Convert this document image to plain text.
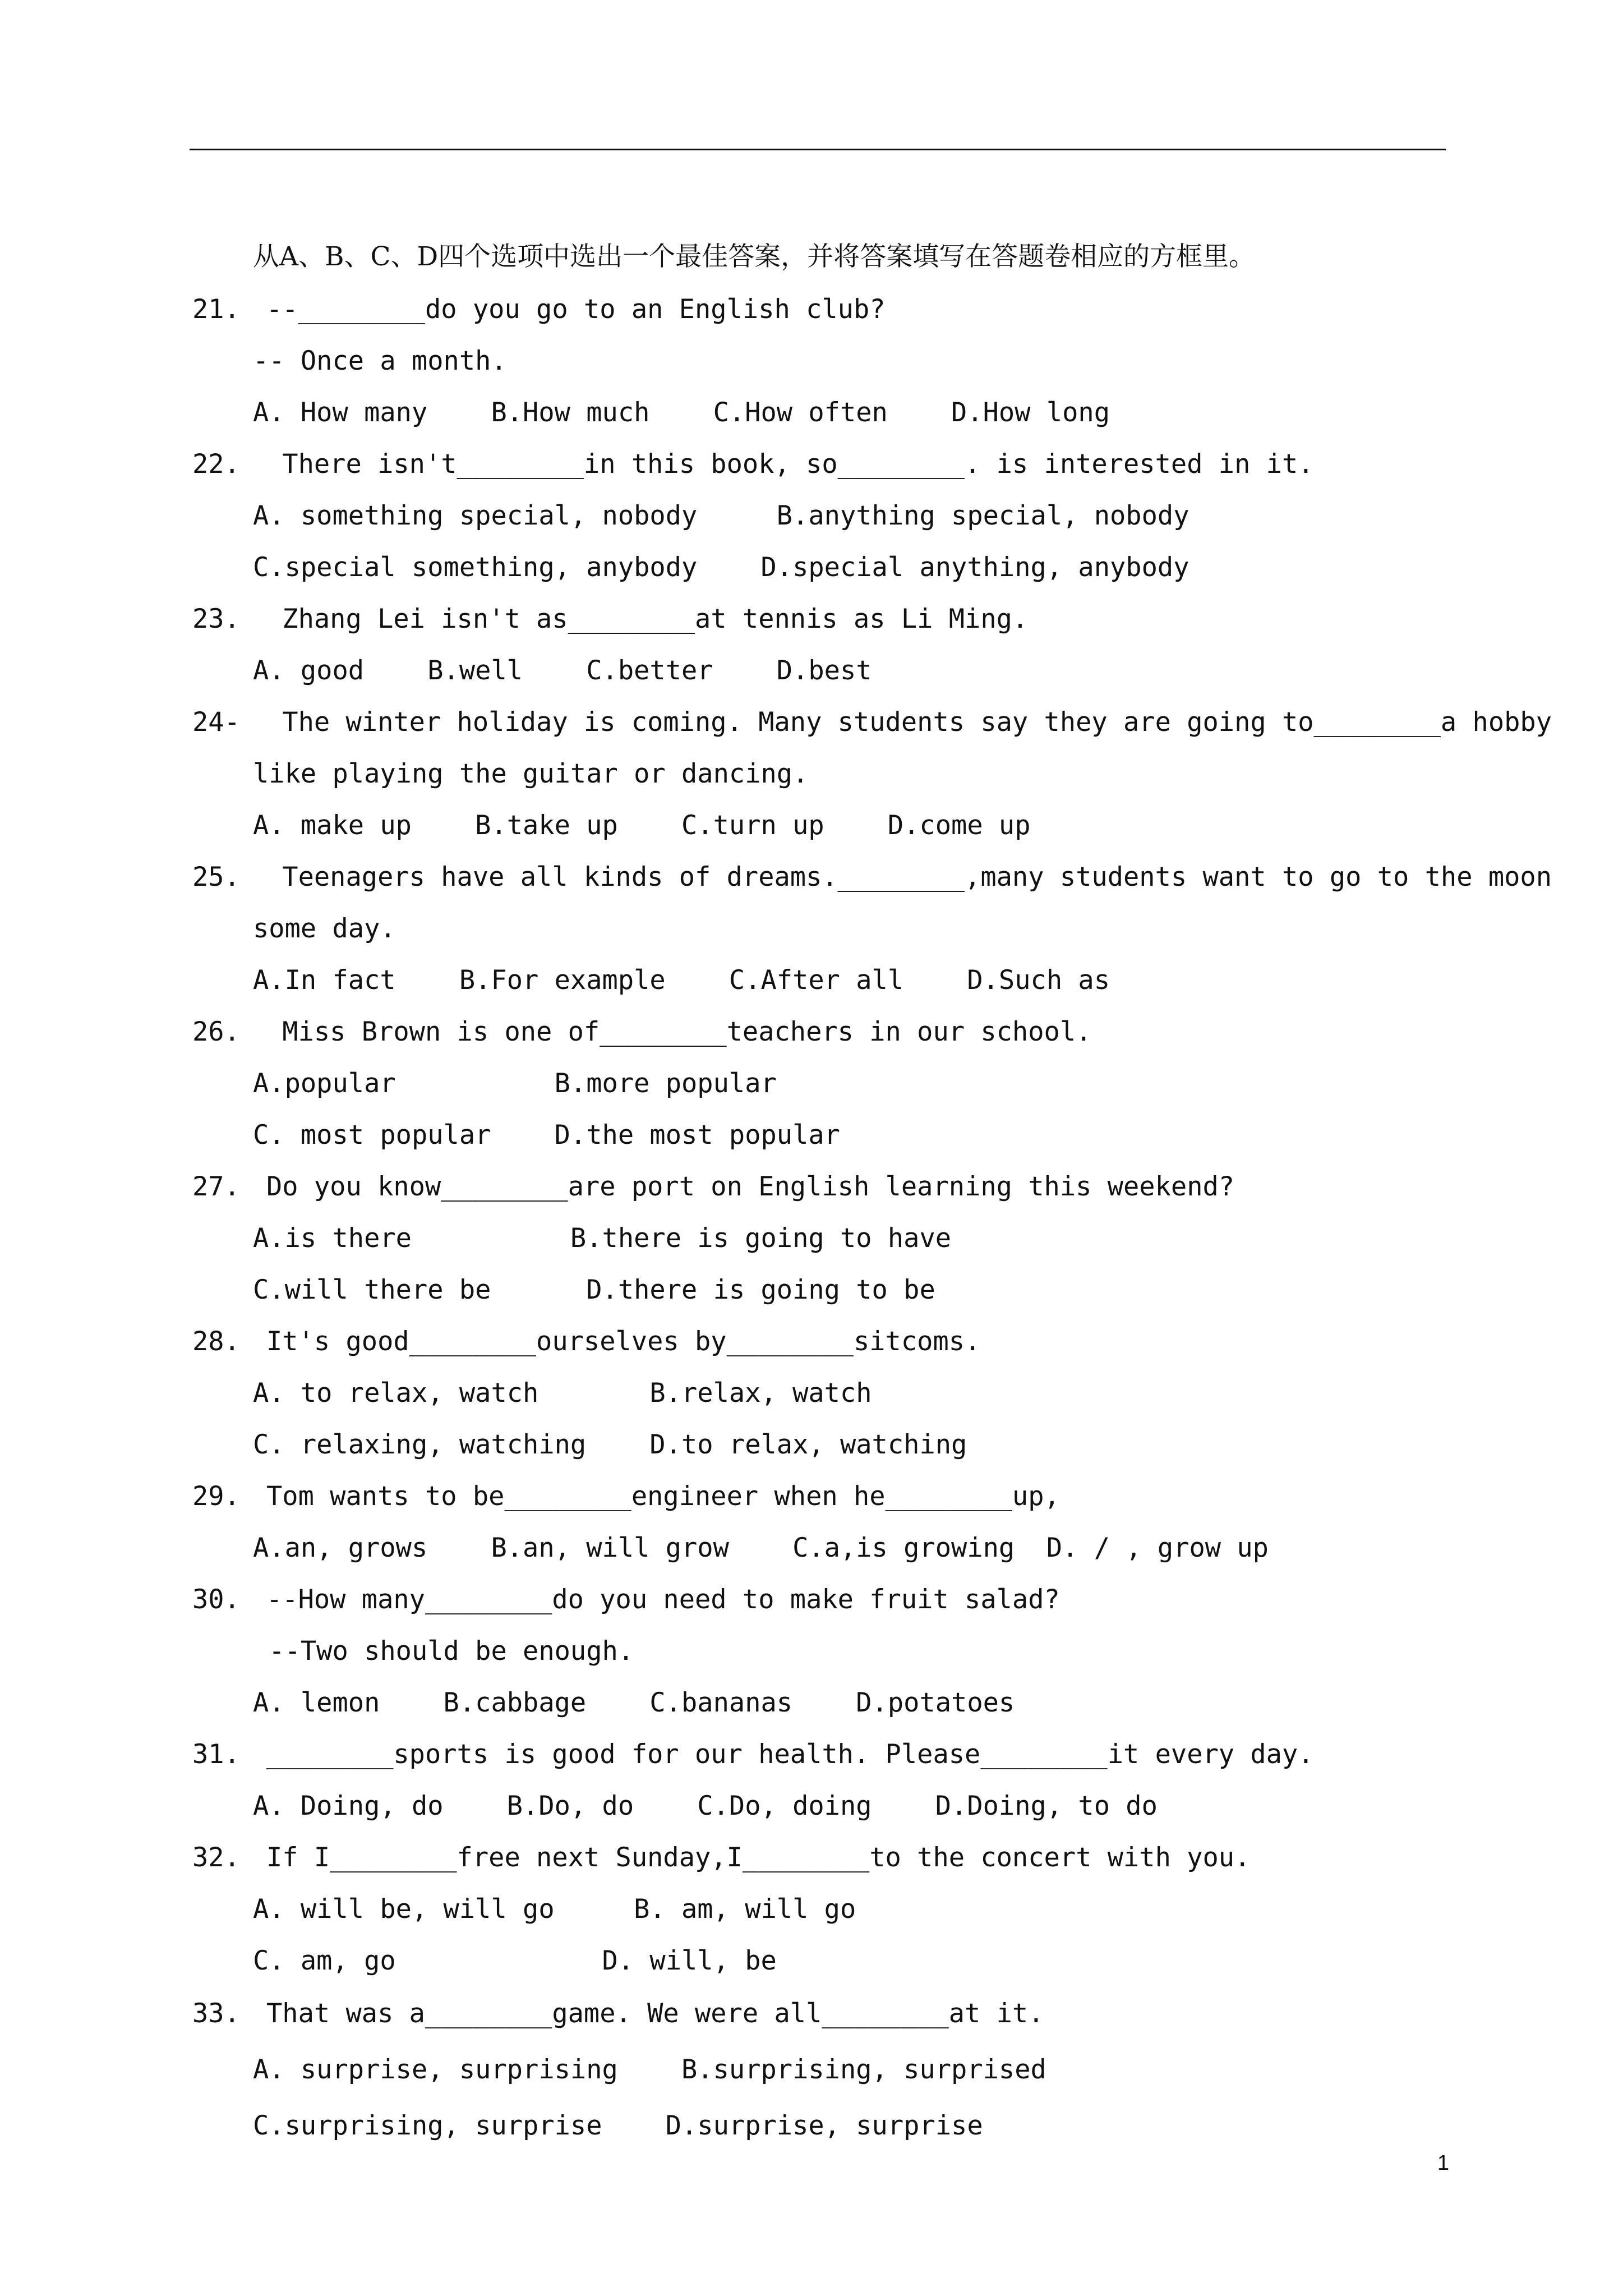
从A、B、C、D四个选项中选出一个最佳答案，并将答案填写在答题卷相应的方框里。
21. --________do you go to an English club?
-- Once a month.
A. How many    B.How much    C.How often    D.How long
22. There isn't________in this book, so________. is interested in it.
A. something special, nobody     B.anything special, nobody
C.special something, anybody    D.special anything, anybody
23. Zhang Lei isn't as________at tennis as Li Ming.
A. good    B.well    C.better    D.best
24- The winter holiday is coming. Many students say they are going to________a hobby
like playing the guitar or dancing.
A. make up    B.take up    C.turn up    D.come up
25. Teenagers have all kinds of dreams.________,many students want to go to the moon
some day.
A.In fact    B.For example    C.After all    D.Such as
26. Miss Brown is one of________teachers in our school.
A.popular          B.more popular
C. most popular    D.the most popular
27. Do you know________are port on English learning this weekend?
A.is there          B.there is going to have
C.will there be      D.there is going to be
28. It's good________ourselves by________sitcoms.
A. to relax, watch       B.relax, watch
C. relaxing, watching    D.to relax, watching
29. Tom wants to be________engineer when he________up,
A.an, grows    B.an, will grow    C.a,is growing  D. / , grow up
30. --How many________do you need to make fruit salad?
--Two should be enough.
A. lemon    B.cabbage    C.bananas    D.potatoes
31. ________sports is good for our health. Please________it every day.
A. Doing, do    B.Do, do    C.Do, doing    D.Doing, to do
32. If I________free next Sunday,I________to the concert with you.
A. will be, will go     B. am, will go
C. am, go             D. will, be
33. That was a________game. We were all________at it.
A. surprise, surprising    B.surprising, surprised
C.surprising, surprise    D.surprise, surprise
1
